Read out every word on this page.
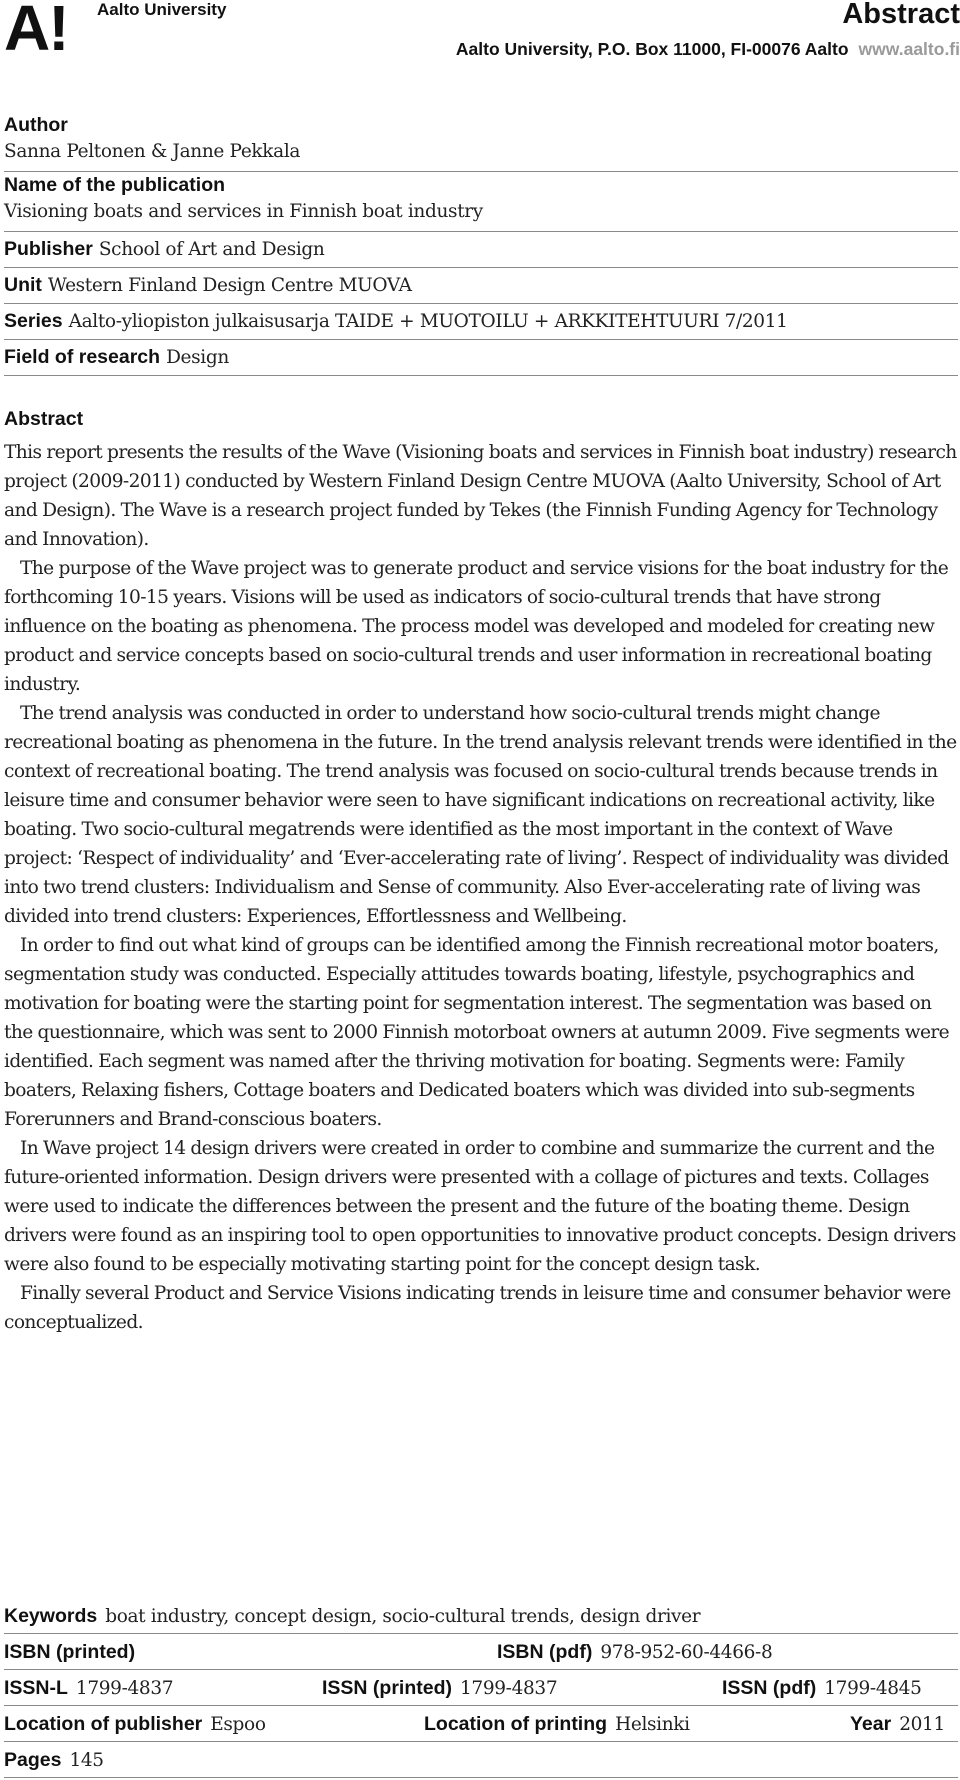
A! Aalto University	Abstract
Aalto University, P.O. Box 11000, FI-00076 Aalto www.aalto.fi
Author
Sanna Peltonen & Janne Pekkala
Name of the publication
Visioning boats and services in Finnish boat industry
Publisher School of Art and Design
Unit Western Finland Design Centre MUOVA
Series Aalto-yliopiston julkaisusarja TAIDE + MUOTOILU + ARKKITEHTUURI 7/2011
Field of research Design
Abstract

This report presents the results of the Wave (Visioning boats and services in Finnish boat industry) research project (2009-2011) conducted by Western Finland Design Centre MUOVA (Aalto University, School of Art and Design). The Wave is a research project funded by Tekes (the Finnish Funding Agency for Technology and Innovation).

The purpose of the Wave project was to generate product and service visions for the boat industry for the forthcoming 10-15 years. Visions will be used as indicators of socio-cultural trends that have strong influence on the boating as phenomena. The process model was developed and modeled for creating new product and service concepts based on socio-cultural trends and user information in recreational boating industry.

The trend analysis was conducted in order to understand how socio-cultural trends might change recreational boating as phenomena in the future. In the trend analysis relevant trends were identified in the context of recreational boating. The trend analysis was focused on socio-cultural trends because trends in leisure time and consumer behavior were seen to have significant indications on recreational activity, like boating. Two socio-cultural megatrends were identified as the most important in the context of Wave project: ‘Respect of individuality’ and ‘Ever-accelerating rate of living’. Respect of individuality was divided into two trend clusters: Individualism and Sense of community. Also Ever-accelerating rate of living was divided into trend clusters: Experiences, Effortlessness and Wellbeing.

In order to find out what kind of groups can be identified among the Finnish recreational motor boaters, segmentation study was conducted. Especially attitudes towards boating, lifestyle, psychographics and motivation for boating were the starting point for segmentation interest. The segmentation was based on the questionnaire, which was sent to 2000 Finnish motorboat owners at autumn 2009. Five segments were identified. Each segment was named after the thriving motivation for boating. Segments were: Family boaters, Relaxing fishers, Cottage boaters and Dedicated boaters which was divided into sub-segments Forerunners and Brand-conscious boaters.

In Wave project 14 design drivers were created in order to combine and summarize the current and the future-oriented information. Design drivers were presented with a collage of pictures and texts. Collages were used to indicate the differences between the present and the future of the boating theme. Design drivers were found as an inspiring tool to open opportunities to innovative product concepts. Design drivers were also found to be especially motivating starting point for the concept design task.

Finally several Product and Service Visions indicating trends in leisure time and consumer behavior were conceptualized.

Keywords boat industry, concept design, socio-cultural trends, design driver
ISBN (printed)	ISBN (pdf) 978-952-60-4466-8
ISSN-L 1799-4837	ISSN (printed) 1799-4837	ISSN (pdf) 1799-4845
Location of publisher Espoo	Location of printing Helsinki	Year 2011
Pages 145
